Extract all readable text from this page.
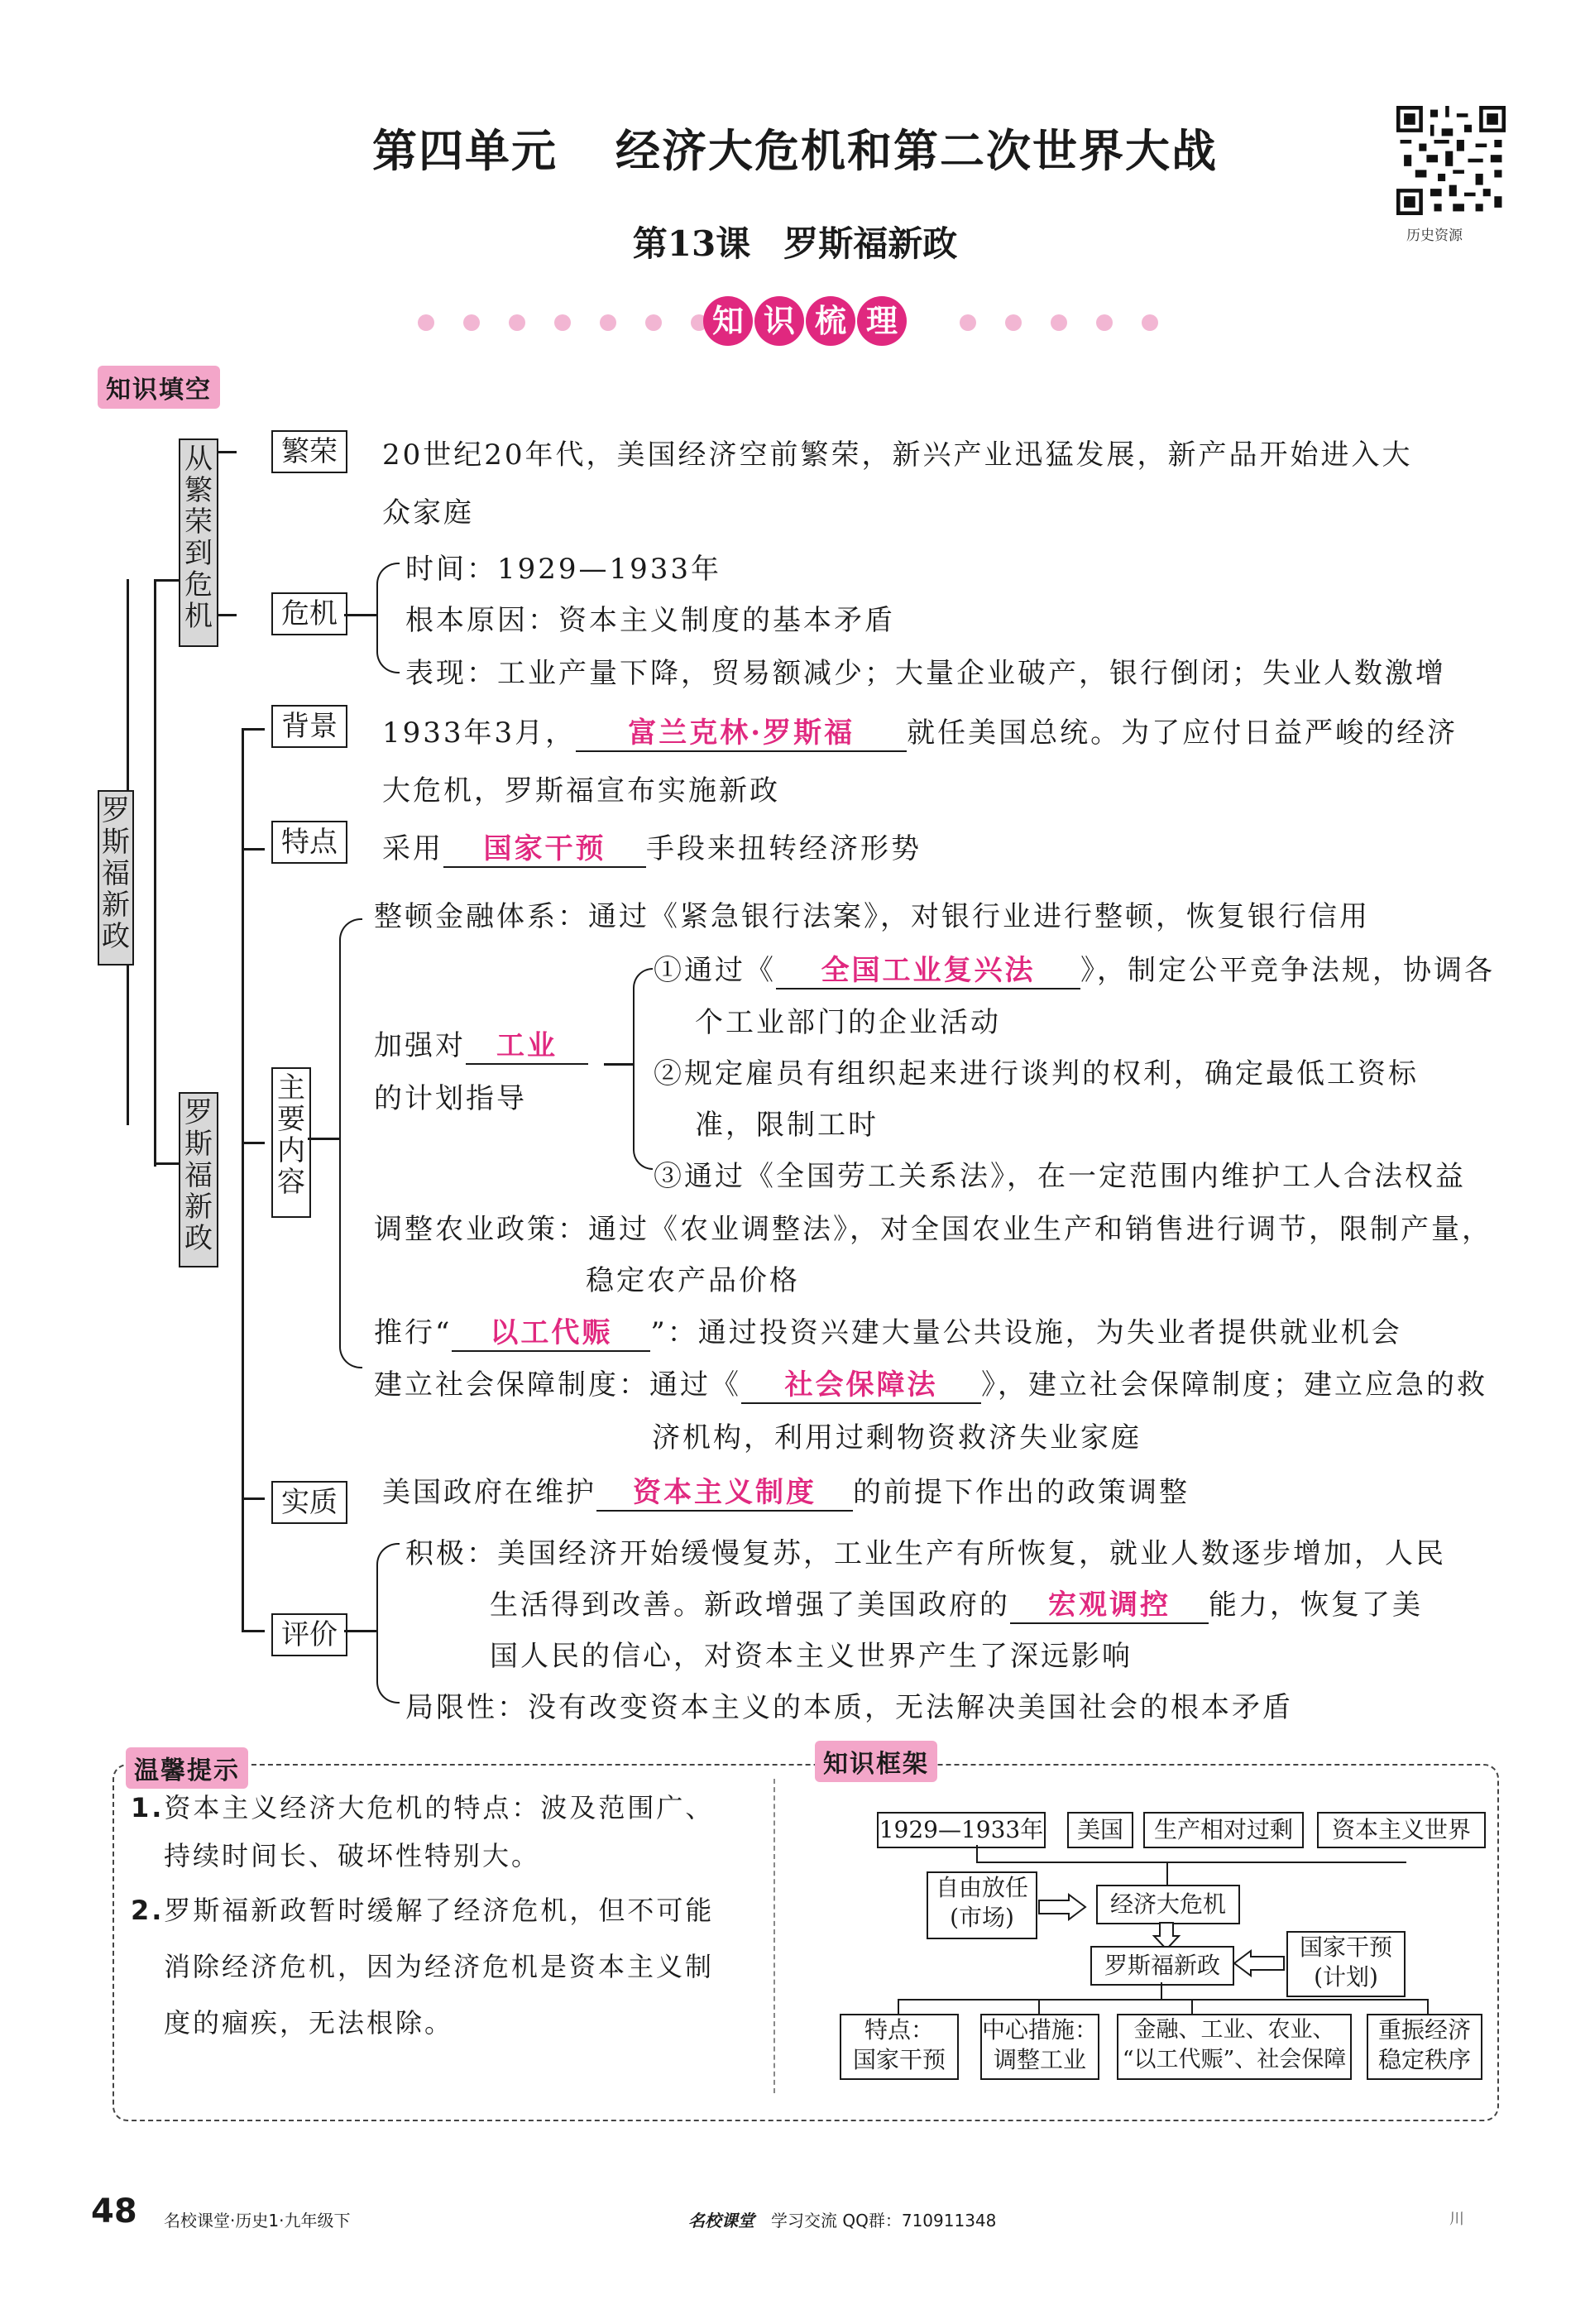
第四单元 经济大危机和第二次世界大战
第13课 罗斯福新政	历史资源
知 识 梳 理
知识填空
罗斯福新政
从繁荣到危机
罗斯福新政
繁荣
危机
背景
特点
实质
评价
主要内容
20世纪20年代，美国经济空前繁荣，新兴产业迅猛发展，新产品开始进入大
众家庭
时间：1929—1933年
根本原因：资本主义制度的基本矛盾
表现：工业产量下降，贸易额减少；大量企业破产，银行倒闭；失业人数激增
1933年3月， 富兰克林·罗斯福 就任美国总统。为了应付日益严峻的经济
大危机，罗斯福宣布实施新政
采用 国家干预 手段来扭转经济形势
整顿金融体系：通过《紧急银行法案》，对银行业进行整顿，恢复银行信用
加强对 工业
的计划指导
①通过《 全国工业复兴法 》，制定公平竞争法规，协调各
个工业部门的企业活动
②规定雇员有组织起来进行谈判的权利，确定最低工资标
准，限制工时
③通过《全国劳工关系法》，在一定范围内维护工人合法权益
调整农业政策：通过《农业调整法》，对全国农业生产和销售进行调节，限制产量，
稳定农产品价格
推行“ 以工代赈 ”：通过投资兴建大量公共设施，为失业者提供就业机会
建立社会保障制度：通过《 社会保障法 》，建立社会保障制度；建立应急的救
济机构，利用过剩物资救济失业家庭
美国政府在维护 资本主义制度 的前提下作出的政策调整
积极：美国经济开始缓慢复苏，工业生产有所恢复，就业人数逐步增加，人民
生活得到改善。新政增强了美国政府的 宏观调控 能力，恢复了美
国人民的信心，对资本主义世界产生了深远影响
局限性：没有改变资本主义的本质，无法解决美国社会的根本矛盾
温馨提示	知识框架
1.资本主义经济大危机的特点：波及范围广、
持续时间长、破坏性特别大。
2.罗斯福新政暂时缓解了经济危机，但不可能
消除经济危机，因为经济危机是资本主义制
度的痼疾，无法根除。
1929—1933年	美国	生产相对过剩	资本主义世界
自由放任
(市场)	经济大危机
罗斯福新政
国家干预
(计划)
特点：
国家干预
中心措施：
调整工业
金融、工业、农业、
“以工代赈”、社会保障
重振经济
稳定秩序
48 名校课堂·历史1·九年级下	名校课堂 学习交流 QQ群：710911348	川
